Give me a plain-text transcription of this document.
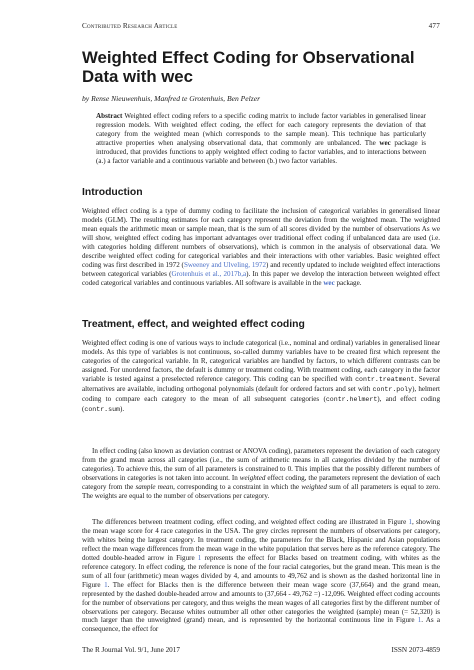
Contributed Research Article	477
Weighted Effect Coding for Observational Data with wec
by Rense Nieuwenhuis, Manfred te Grotenhuis, Ben Pelzer

Abstract Weighted effect coding refers to a specific coding matrix to include factor variables in generalised linear regression models. With weighted effect coding, the effect for each category represents the deviation of that category from the weighted mean (which corresponds to the sample mean). This technique has particularly attractive properties when analysing observational data, that commonly are unbalanced. The wec package is introduced, that provides functions to apply weighted effect coding to factor variables, and to interactions between (a.) a factor variable and a continuous variable and between (b.) two factor variables.

Introduction

Weighted effect coding is a type of dummy coding to facilitate the inclusion of categorical variables in generalised linear models (GLM). The resulting estimates for each category represent the deviation from the weighted mean. The weighted mean equals the arithmetic mean or sample mean, that is the sum of all scores divided by the number of observations As we will show, weighted effect coding has important advantages over traditional effect coding if unbalanced data are used (i.e. with categories holding different numbers of observations), which is common in the analysis of observational data. We describe weighted effect coding for categorical variables and their interactions with other variables. Basic weighted effect coding was first described in 1972 (Sweeney and Ulveling, 1972) and recently updated to include weighted effect interactions between categorical variables (Grotenhuis et al., 2017b,a). In this paper we develop the interaction between weighted effect coded categorical variables and continuous variables. All software is available in the wec package.

Treatment, effect, and weighted effect coding

Weighted effect coding is one of various ways to include categorical (i.e., nominal and ordinal) variables in generalised linear models. As this type of variables is not continuous, so-called dummy variables have to be created first which represent the categories of the categorical variable. In R, categorical variables are handled by factors, to which different contrasts can be assigned. For unordered factors, the default is dummy or treatment coding. With treatment coding, each category in the factor variable is tested against a preselected reference category. This coding can be specified with contr.treatment. Several alternatives are available, including orthogonal polynomials (default for ordered factors and set with contr.poly), helmert coding to compare each category to the mean of all subsequent categories (contr.helmert), and effect coding (contr.sum).

In effect coding (also known as deviation contrast or ANOVA coding), parameters represent the deviation of each category from the grand mean across all categories (i.e., the sum of arithmetic means in all categories divided by the number of categories). To achieve this, the sum of all parameters is constrained to 0. This implies that the possibly different numbers of observations in categories is not taken into account. In weighted effect coding, the parameters represent the deviation of each category from the sample mean, corresponding to a constraint in which the weighted sum of all parameters is equal to zero. The weights are equal to the number of observations per category.

The differences between treatment coding, effect coding, and weighted effect coding are illustrated in Figure 1, showing the mean wage score for 4 race categories in the USA. The grey circles represent the numbers of observations per category, with whites being the largest category. In treatment coding, the parameters for the Black, Hispanic and Asian populations reflect the mean wage differences from the mean wage in the white population that serves here as the reference category. The dotted double-headed arrow in Figure 1 represents the effect for Blacks based on treatment coding, with whites as the reference category. In effect coding, the reference is none of the four racial categories, but the grand mean. This mean is the sum of all four (arithmetic) mean wages divided by 4, and amounts to 49,762 and is shown as the dashed horizontal line in Figure 1. The effect for Blacks then is the difference between their mean wage score (37,664) and the grand mean, represented by the dashed double-headed arrow and amounts to (37,664 - 49,762 =) -12,096. Weighted effect coding accounts for the number of observations per category, and thus weighs the mean wages of all categories first by the different number of observations per category. Because whites outnumber all other other categories the weighted (sample) mean (= 52,320) is much larger than the unweighted (grand) mean, and is represented by the horizontal continuous line in Figure 1. As a consequence, the effect for

The R Journal Vol. 9/1, June 2017	ISSN 2073-4859
